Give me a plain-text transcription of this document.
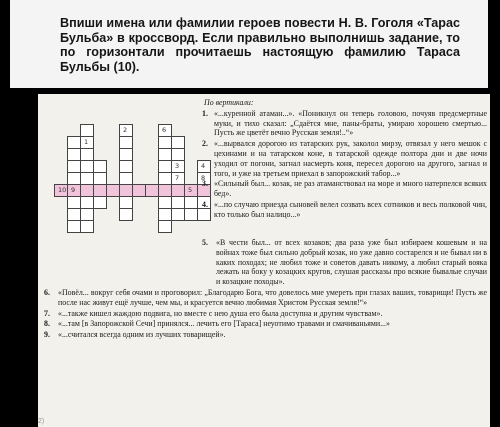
Впиши имена или фамилии героев повести Н. В. Гоголя «Тарас Бульба» в кроссворд. Если правильно выполнишь задание, то по горизонтали прочитаешь настоящую фамилию Тараса Бульбы (10).

1
2
3	4
5
6
7	8
9
10
По вертикали:
1. «...куренной атаман...». «Поникнул он теперь головою, почуяв предсмертные муки, и тихо сказал: „Сдаётся мне, паны-браты, умираю хорошею смертью... Пусть же цветёт вечно Русская земля!..“»
2. «...вырвался дорогою из татарских рук, заколол мирзу, отвязал у него мешок с цехинами и на татарском коне, в татарской одежде полтора дни и две ночи уходил от погони, загнал насмерть коня, пересел дорогою на другого, загнал и того, и уже на третьем приехал в запорожский табор...»
3. «Сильный был... козак, не раз атаманствовал на море и много натерпелся всяких бед».
4. «...по случаю приезда сыновей велел созвать всех сотников и весь полковой чин, кто только был налицо...»
5. «В чести был... от всех козаков; два раза уже был избираем кошевым и на войнах тоже был сильно добрый козак, но уже давно состарелся и не бывал ни в каких походах; не любил тоже и советов давать никому, а любил старый вояка лежать на боку у козацких кругов, слушая рассказы про всякие бывалые случаи и козацкие походы».
6. «Повёл... вокруг себя очами и проговорил: „Благодарю Бога, что довелось мне умереть при глазах ваших, товарищи! Пусть же после нас живут ещё лучше, чем мы, и красуется вечно любимая Христом Русская земля!“»
7. «...также кишел жаждою подвига, но вместе с нею душа его была доступна и другим чувствам».
8. «...там [в Запорожской Сечи] принялся... лечить его [Тараса] неуотимо травами и смачиваньями...»
9. «...считался всегда одним из лучших товарищей».
2)
